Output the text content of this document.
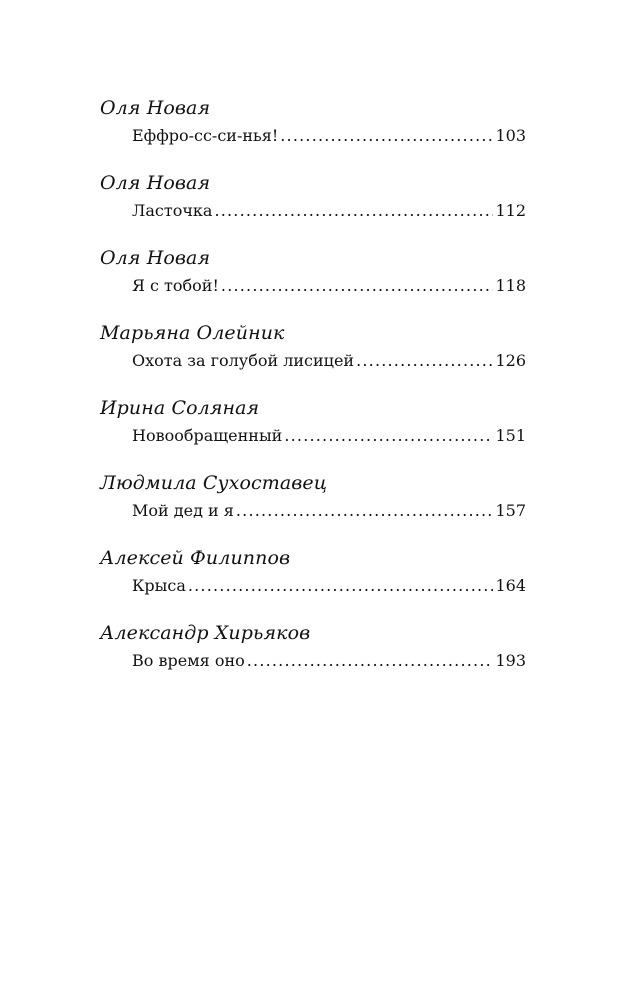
Оля Новая
Еффро-сс-си-нья! .....	103
Оля Новая
Ласточка .....	112
Оля Новая
Я с тобой! .....	118
Марьяна Олейник
Охота за голубой лисицей .....	126
Ирина Соляная
Новообращенный .....	151
Людмила Сухоставец
Мой дед и я .....	157
Алексей Филиппов
Крыса .....	164
Александр Хирьяков
Во время оно .....	193
